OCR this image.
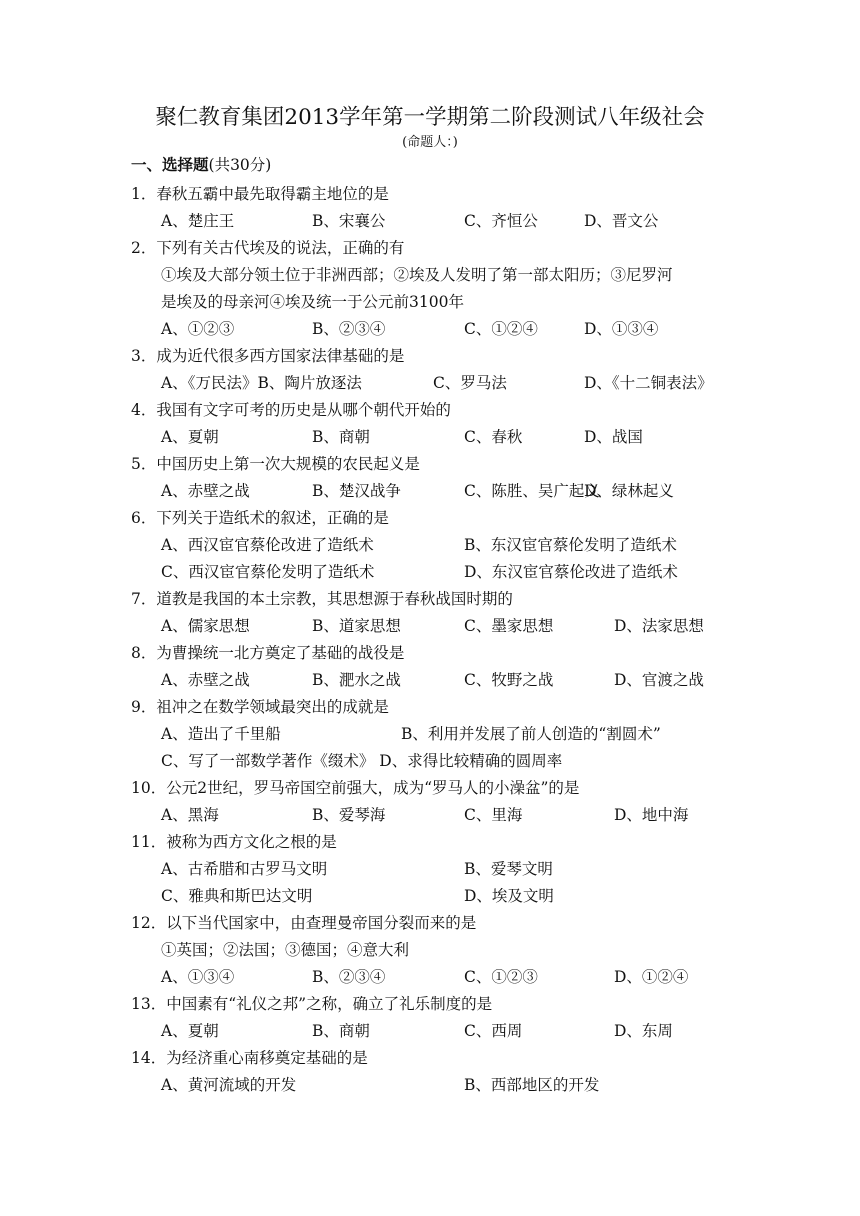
聚仁教育集团2013学年第一学期第二阶段测试八年级社会
(命题人：)
一、选择题(共30分)
1．春秋五霸中最先取得霸主地位的是
A、楚庄王	B、宋襄公	C、齐恒公	D、晋文公
2．下列有关古代埃及的说法，正确的有
①埃及大部分领土位于非洲西部；②埃及人发明了第一部太阳历；③尼罗河
是埃及的母亲河④埃及统一于公元前3100年
A、①②③	B、②③④	C、①②④	D、①③④
3．成为近代很多西方国家法律基础的是
A、《万民法》B、陶片放逐法	C、罗马法	D、《十二铜表法》
4．我国有文字可考的历史是从哪个朝代开始的
A、夏朝	B、商朝	C、春秋	D、战国
5．中国历史上第一次大规模的农民起义是
A、赤壁之战	B、楚汉战争	C、陈胜、吴广起义
D、绿林起义
6．下列关于造纸术的叙述，正确的是
A、西汉宦官蔡伦改进了造纸术	B、东汉宦官蔡伦发明了造纸术
C、西汉宦官蔡伦发明了造纸术	D、东汉宦官蔡伦改进了造纸术
7．道教是我国的本土宗教，其思想源于春秋战国时期的
A、儒家思想	B、道家思想	C、墨家思想	D、法家思想
8．为曹操统一北方奠定了基础的战役是
A、赤壁之战	B、淝水之战	C、牧野之战	D、官渡之战
9．祖冲之在数学领域最突出的成就是
A、造出了千里船	B、利用并发展了前人创造的“割圆术”
C、写了一部数学著作《缀术》 D、求得比较精确的圆周率
10．公元2世纪，罗马帝国空前强大，成为“罗马人的小澡盆”的是
A、黑海	B、爱琴海	C、里海	D、地中海
11．被称为西方文化之根的是
A、古希腊和古罗马文明	B、爱琴文明
C、雅典和斯巴达文明	D、埃及文明
12．以下当代国家中，由查理曼帝国分裂而来的是
①英国；②法国；③德国；④意大利
A、①③④	B、②③④	C、①②③	D、①②④
13．中国素有“礼仪之邦”之称，确立了礼乐制度的是
A、夏朝	B、商朝	C、西周	D、东周
14．为经济重心南移奠定基础的是
A、黄河流域的开发	B、西部地区的开发
